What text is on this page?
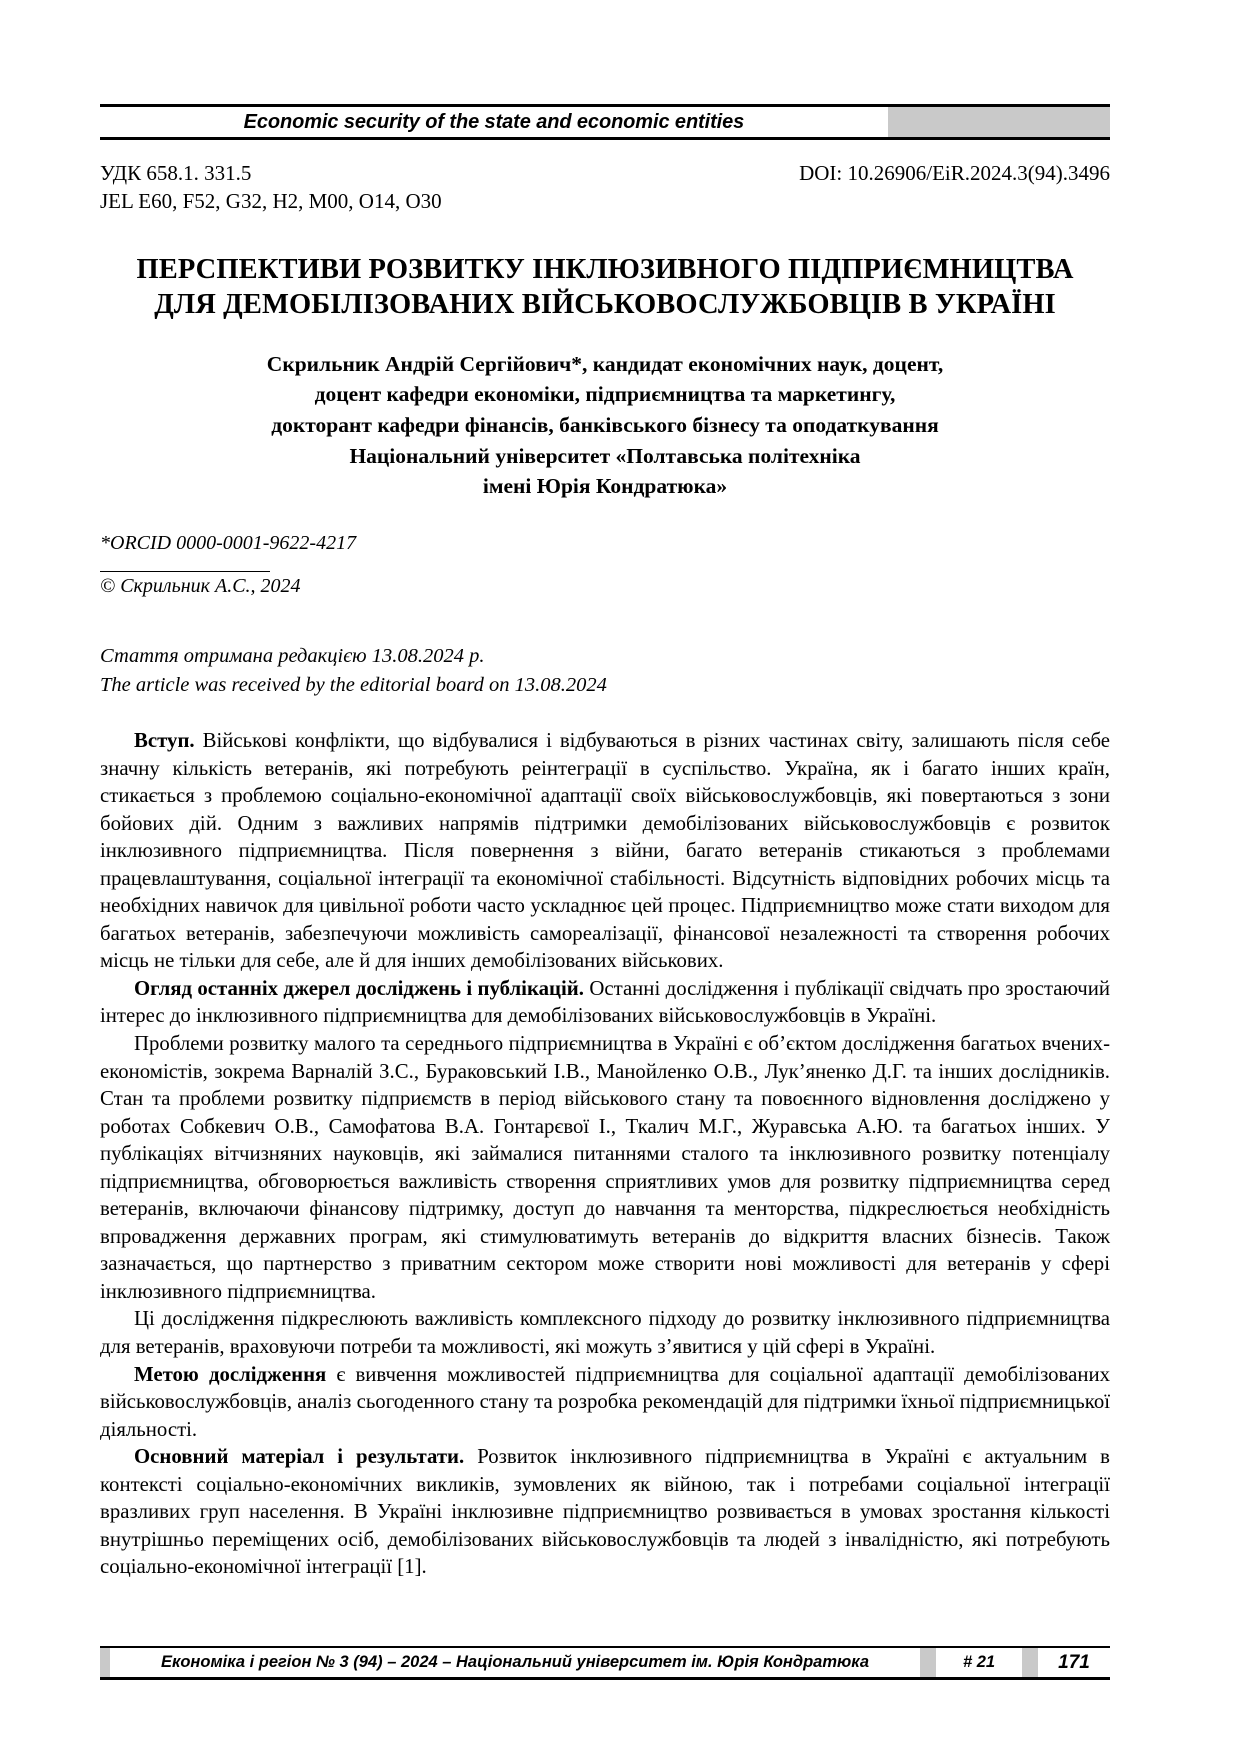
Economic security of the state and economic entities
УДК 658.1. 331.5
JEL E60, F52, G32, H2, M00, O14, O30
DOI: 10.26906/EiR.2024.3(94).3496
ПЕРСПЕКТИВИ РОЗВИТКУ ІНКЛЮЗИВНОГО ПІДПРИЄМНИЦТВА
ДЛЯ ДЕМОБІЛІЗОВАНИХ ВІЙСЬКОВОСЛУЖБОВЦІВ В УКРАЇНІ
Скрильник Андрій Сергійович*, кандидат економічних наук, доцент,
доцент кафедри економіки, підприємництва та маркетингу,
докторант кафедри фінансів, банківського бізнесу та оподаткування
Національний університет «Полтавська політехніка
імені Юрія Кондратюка»
*ORCID 0000-0001-9622-4217
© Скрильник А.С., 2024
Стаття отримана редакцією 13.08.2024 р.
The article was received by the editorial board on 13.08.2024

Вступ. Військові конфлікти, що відбувалися і відбуваються в різних частинах світу, залишають після себе значну кількість ветеранів, які потребують реінтеграції в суспільство. Україна, як і багато інших країн, стикається з проблемою соціально-економічної адаптації своїх військовослужбовців, які повертаються з зони бойових дій. Одним з важливих напрямів підтримки демобілізованих військовослужбовців є розвиток інклюзивного підприємництва. Після повернення з війни, багато ветеранів стикаються з проблемами працевлаштування, соціальної інтеграції та економічної стабільності. Відсутність відповідних робочих місць та необхідних навичок для цивільної роботи часто ускладнює цей процес. Підприємництво може стати виходом для багатьох ветеранів, забезпечуючи можливість самореалізації, фінансової незалежності та створення робочих місць не тільки для себе, але й для інших демобілізованих військових.

Огляд останніх джерел досліджень і публікацій. Останні дослідження і публікації свідчать про зростаючий інтерес до інклюзивного підприємництва для демобілізованих військовослужбовців в Україні.

Проблеми розвитку малого та середнього підприємництва в Україні є об’єктом дослідження багатьох вчених-економістів, зокрема Варналій З.С., Бураковський І.В., Манойленко О.В., Лук’яненко Д.Г. та інших дослідників. Стан та проблеми розвитку підприємств в період військового стану та повоєнного відновлення досліджено у роботах Собкевич О.В., Самофатова В.А. Гонтарєвої І., Ткалич М.Г., Журавська А.Ю. та багатьох інших. У публікаціях вітчизняних науковців, які займалися питаннями сталого та інклюзивного розвитку потенціалу підприємництва, обговорюється важливість створення сприятливих умов для розвитку підприємництва серед ветеранів, включаючи фінансову підтримку, доступ до навчання та менторства, підкреслюється необхідність впровадження державних програм, які стимулюватимуть ветеранів до відкриття власних бізнесів. Також зазначається, що партнерство з приватним сектором може створити нові можливості для ветеранів у сфері інклюзивного підприємництва.

Ці дослідження підкреслюють важливість комплексного підходу до розвитку інклюзивного підприємництва для ветеранів, враховуючи потреби та можливості, які можуть з’явитися у цій сфері в Україні.

Метою дослідження є вивчення можливостей підприємництва для соціальної адаптації демобілізованих військовослужбовців, аналіз сьогоденного стану та розробка рекомендацій для підтримки їхньої підприємницької діяльності.

Основний матеріал і результати. Розвиток інклюзивного підприємництва в Україні є актуальним в контексті соціально-економічних викликів, зумовлених як війною, так і потребами соціальної інтеграції вразливих груп населення. В Україні інклюзивне підприємництво розвивається в умовах зростання кількості внутрішньо переміщених осіб, демобілізованих військовослужбовців та людей з інвалідністю, які потребують соціально-економічної інтеграції [1].

Економіка і регіон № 3 (94) – 2024 – Національний університет ім. Юрія Кондратюка	# 21	171
